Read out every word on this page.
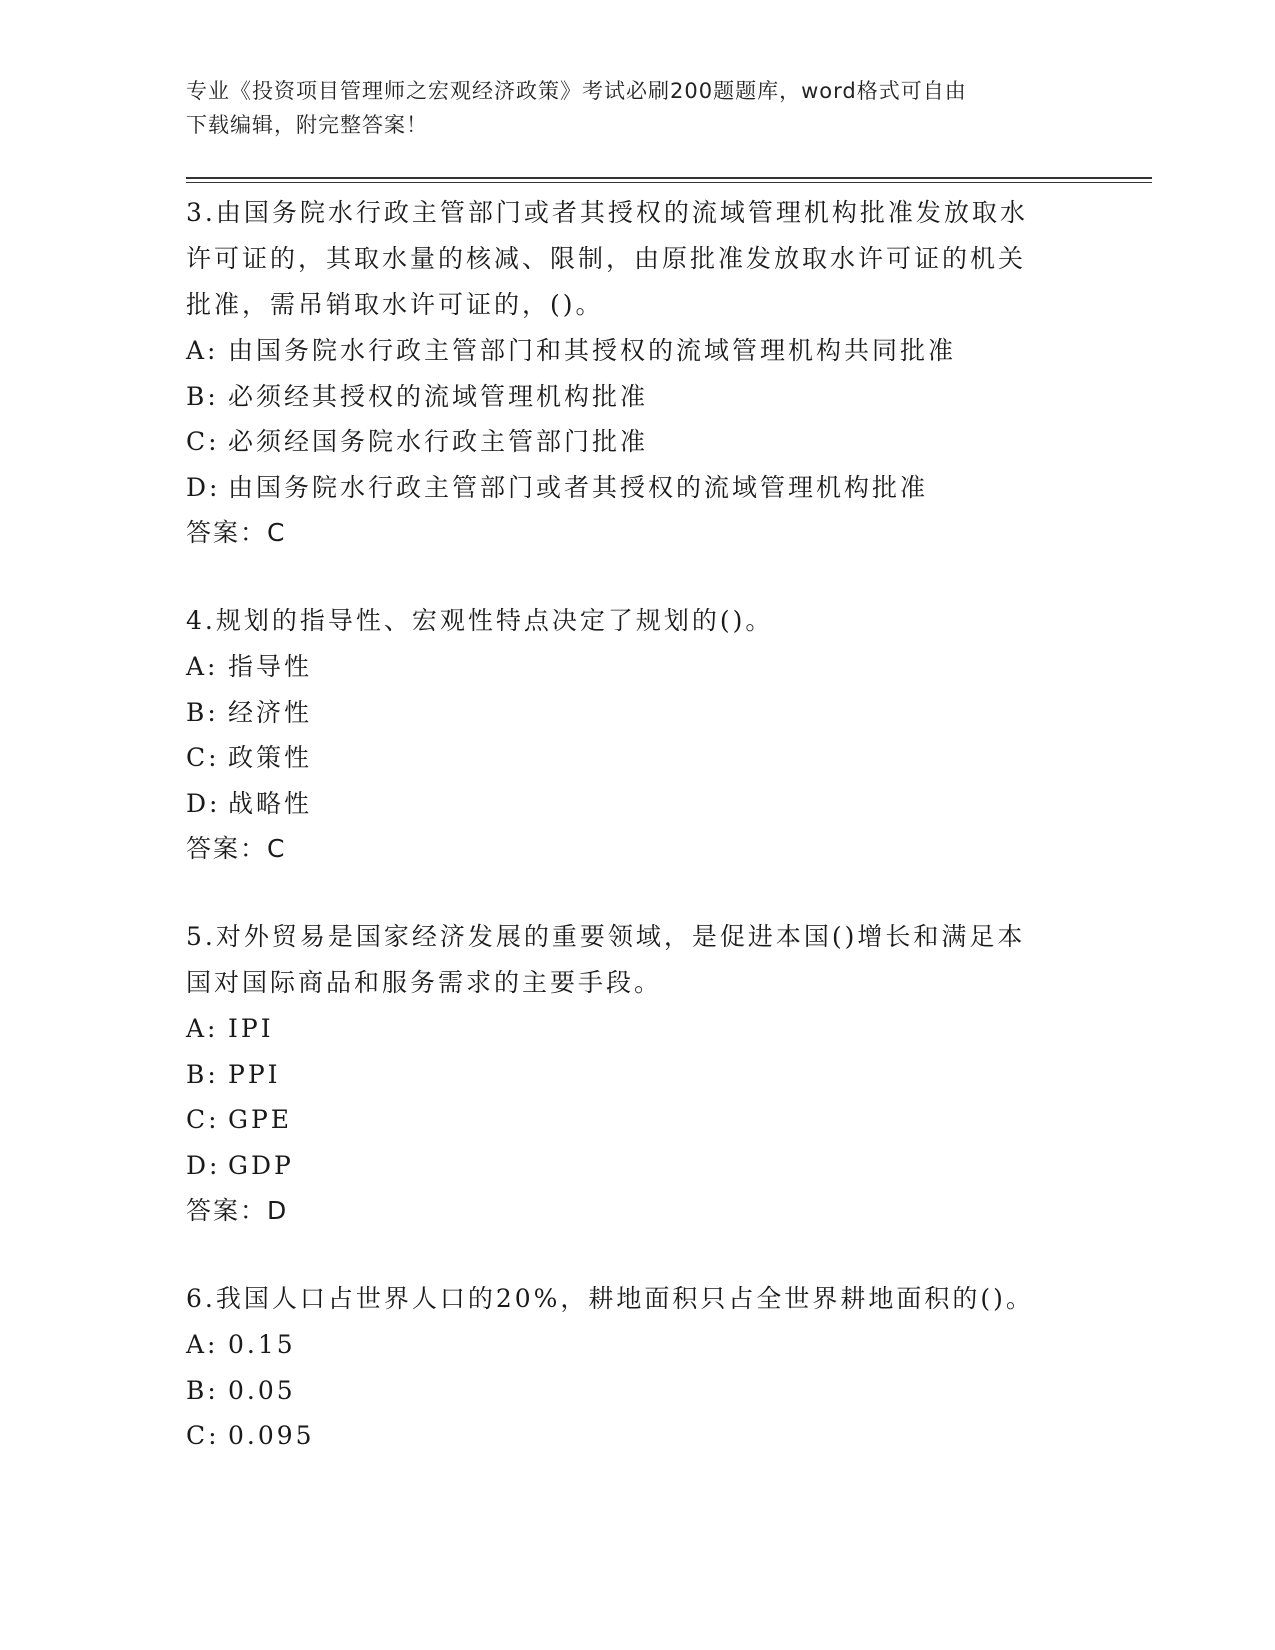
专业《投资项目管理师之宏观经济政策》考试必刷200题题库，word格式可自由
下载编辑，附完整答案！

3.由国务院水行政主管部门或者其授权的流域管理机构批准发放取水

许可证的，其取水量的核减、限制，由原批准发放取水许可证的机关

批准，需吊销取水许可证的，()。

A: 由国务院水行政主管部门和其授权的流域管理机构共同批准

B: 必须经其授权的流域管理机构批准

C: 必须经国务院水行政主管部门批准

D: 由国务院水行政主管部门或者其授权的流域管理机构批准

答案：C

4.规划的指导性、宏观性特点决定了规划的()。

A: 指导性

B: 经济性

C: 政策性

D: 战略性

答案：C

5.对外贸易是国家经济发展的重要领域，是促进本国()增长和满足本

国对国际商品和服务需求的主要手段。

A: IPI

B: PPI

C: GPE

D: GDP

答案：D

6.我国人口占世界人口的20%，耕地面积只占全世界耕地面积的()。

A: 0.15

B: 0.05

C: 0.095
